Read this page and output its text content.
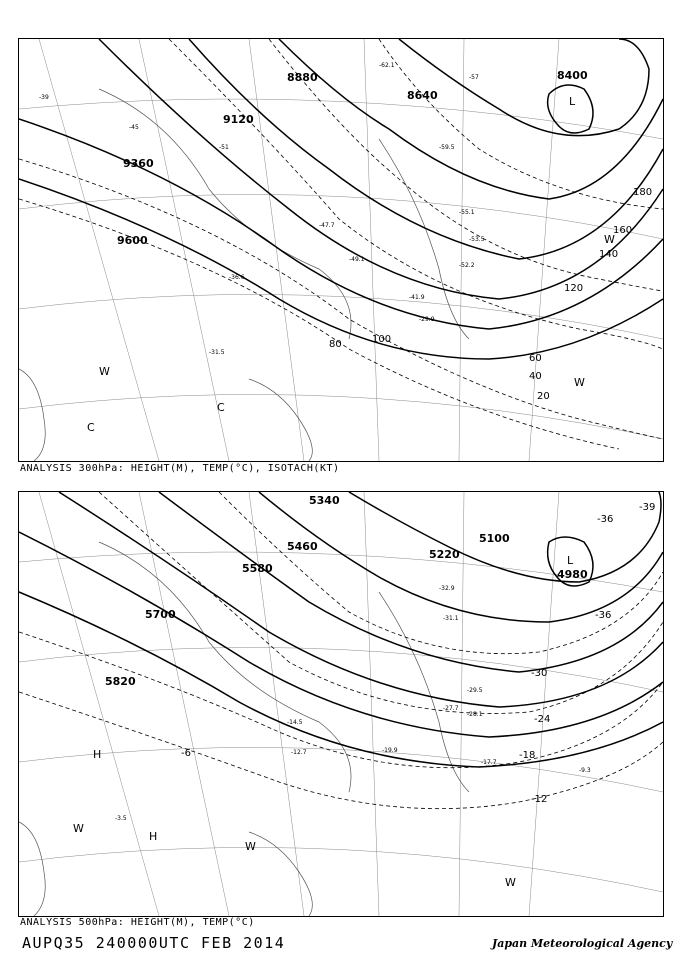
9600
9360
9120
8880
8640
8400
20
40
60
80	100
120
140
160
180
-39
-45
-51
-57
-62.1
-59.5
-55.1
-53.5
-52.2
-41.9
-29.9
-31.5
-36.6
-47.7
-49.1
L
C
C
W
W
W
ANALYSIS 300hPa: HEIGHT(M), TEMP(°C), ISOTACH(KT)
5820
5700
5580
5460
5340
5220
5100
4980
-36
-30
-24
-18
-12
-6
-39
-36
-19.9
-17.7
-14.5
-12.7
-9.3
-3.5
-28.1
-29.5
-31.1
-32.9
-27.7
L
H
H
W
W
W
ANALYSIS 500hPa: HEIGHT(M), TEMP(°C)
AUPQ35 240000UTC FEB 2014	Japan Meteorological Agency
